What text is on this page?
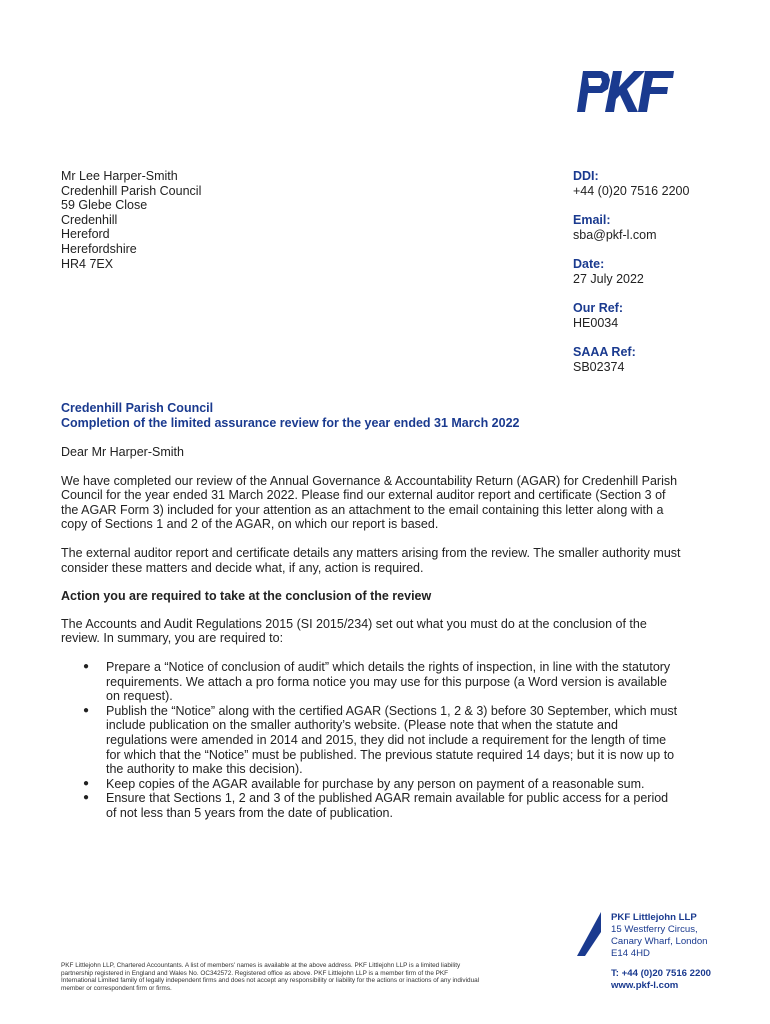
Mr Lee Harper-Smith
Credenhill Parish Council
59 Glebe Close
Credenhill
Hereford
Herefordshire
HR4 7EX
DDI:
+44 (0)20 7516 2200
Email:
sba@pkf-l.com
Date:
27 July 2022
Our Ref:
HE0034
SAAA Ref:
SB02374
Credenhill Parish Council
Completion of the limited assurance review for the year ended 31 March 2022

Dear Mr Harper-Smith

We have completed our review of the Annual Governance & Accountability Return (AGAR) for Credenhill Parish Council for the year ended 31 March 2022. Please find our external auditor report and certificate (Section 3 of the AGAR Form 3) included for your attention as an attachment to the email containing this letter along with a copy of Sections 1 and 2 of the AGAR, on which our report is based.

The external auditor report and certificate details any matters arising from the review. The smaller authority must consider these matters and decide what, if any, action is required.

Action you are required to take at the conclusion of the review

The Accounts and Audit Regulations 2015 (SI 2015/234) set out what you must do at the conclusion of the review. In summary, you are required to:

● Prepare a “Notice of conclusion of audit” which details the rights of inspection, in line with the statutory requirements. We attach a pro forma notice you may use for this purpose (a Word version is available on request).
● Publish the “Notice” along with the certified AGAR (Sections 1, 2 & 3) before 30 September, which must include publication on the smaller authority’s website. (Please note that when the statute and regulations were amended in 2014 and 2015, they did not include a requirement for the length of time for which that the “Notice” must be published. The previous statute required 14 days; but it is now up to the authority to make this decision).
● Keep copies of the AGAR available for purchase by any person on payment of a reasonable sum.
● Ensure that Sections 1, 2 and 3 of the published AGAR remain available for public access for a period of not less than 5 years from the date of publication.
PKF Littlejohn LLP, Chartered Accountants. A list of members' names is available at the above address. PKF Littlejohn LLP is a limited liability partnership registered in England and Wales No. OC342572. Registered office as above. PKF Littlejohn LLP is a member firm of the PKF International Limited family of legally independent firms and does not accept any responsibility or liability for the actions or inactions of any individual member or correspondent firm or firms.
PKF Littlejohn LLP
15 Westferry Circus,
Canary Wharf, London
E14 4HD
T: +44 (0)20 7516 2200
www.pkf-l.com
